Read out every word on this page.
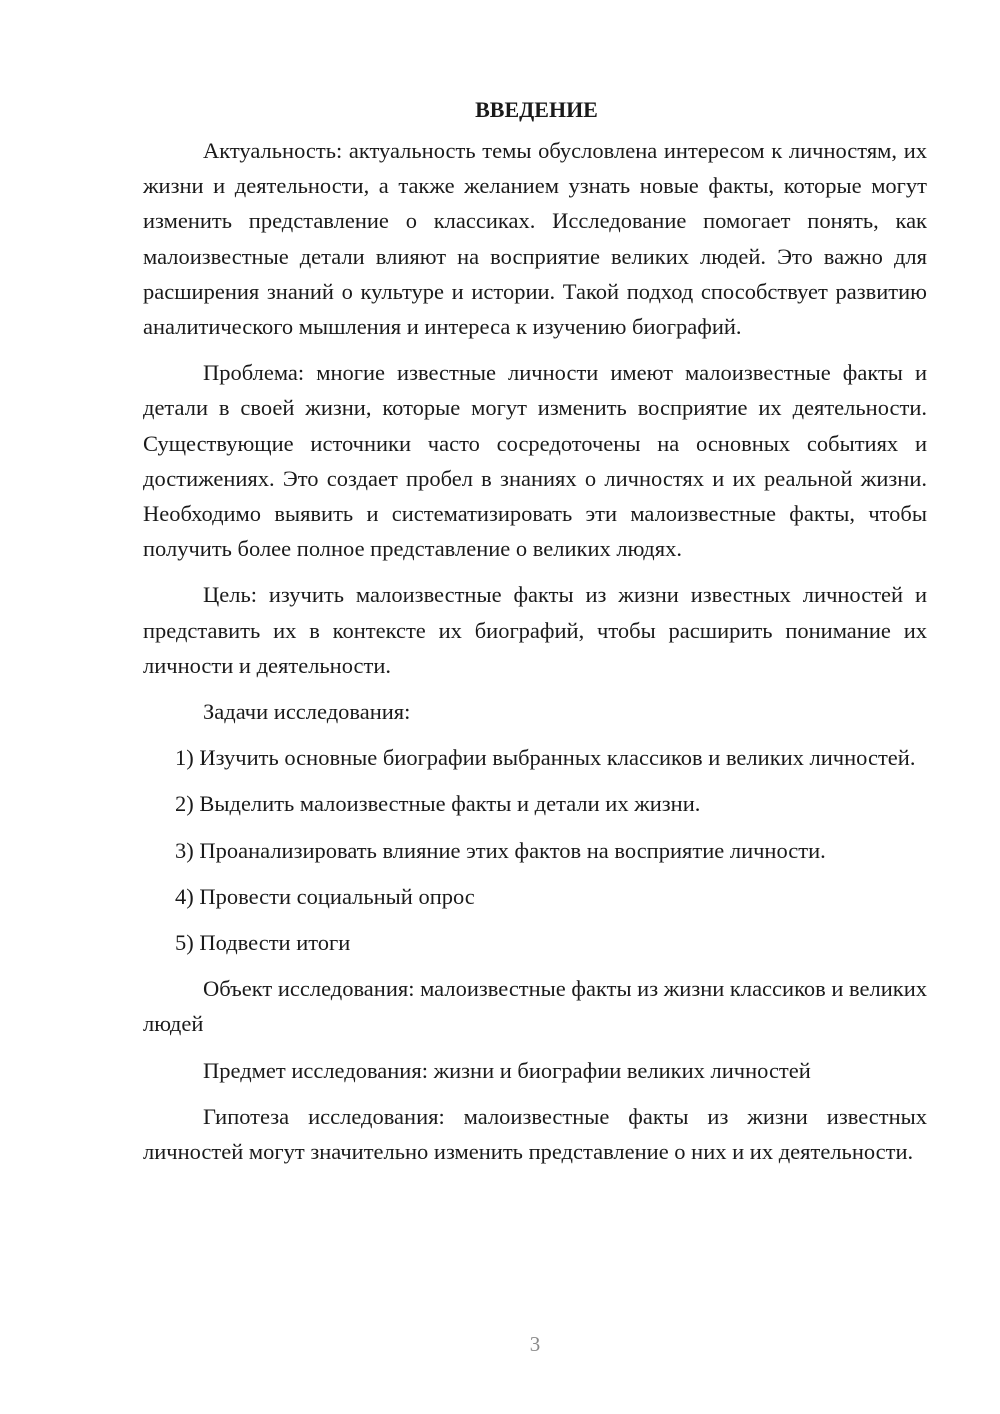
ВВЕДЕНИЕ

Актуальность: актуальность темы обусловлена интересом к личностям, их жизни и деятельности, а также желанием узнать новые факты, которые могут изменить представление о классиках. Исследование помогает понять, как малоизвестные детали влияют на восприятие великих людей. Это важно для расширения знаний о культуре и истории. Такой подход способствует развитию аналитического мышления и интереса к изучению биографий.

Проблема: многие известные личности имеют малоизвестные факты и детали в своей жизни, которые могут изменить восприятие их деятельности. Существующие источники часто сосредоточены на основных событиях и достижениях. Это создает пробел в знаниях о личностях и их реальной жизни. Необходимо выявить и систематизировать эти малоизвестные факты, чтобы получить более полное представление о великих людях.

Цель: изучить малоизвестные факты из жизни известных личностей и представить их в контексте их биографий, чтобы расширить понимание их личности и деятельности.

Задачи исследования:

1) Изучить основные биографии выбранных классиков и великих личностей.

2) Выделить малоизвестные факты и детали их жизни.

3) Проанализировать влияние этих фактов на восприятие личности.

4) Провести социальный опрос

5) Подвести итоги

Объект исследования: малоизвестные факты из жизни классиков и великих людей

Предмет исследования: жизни и биографии великих личностей

Гипотеза исследования: малоизвестные факты из жизни известных личностей могут значительно изменить представление о них и их деятельности.

3
